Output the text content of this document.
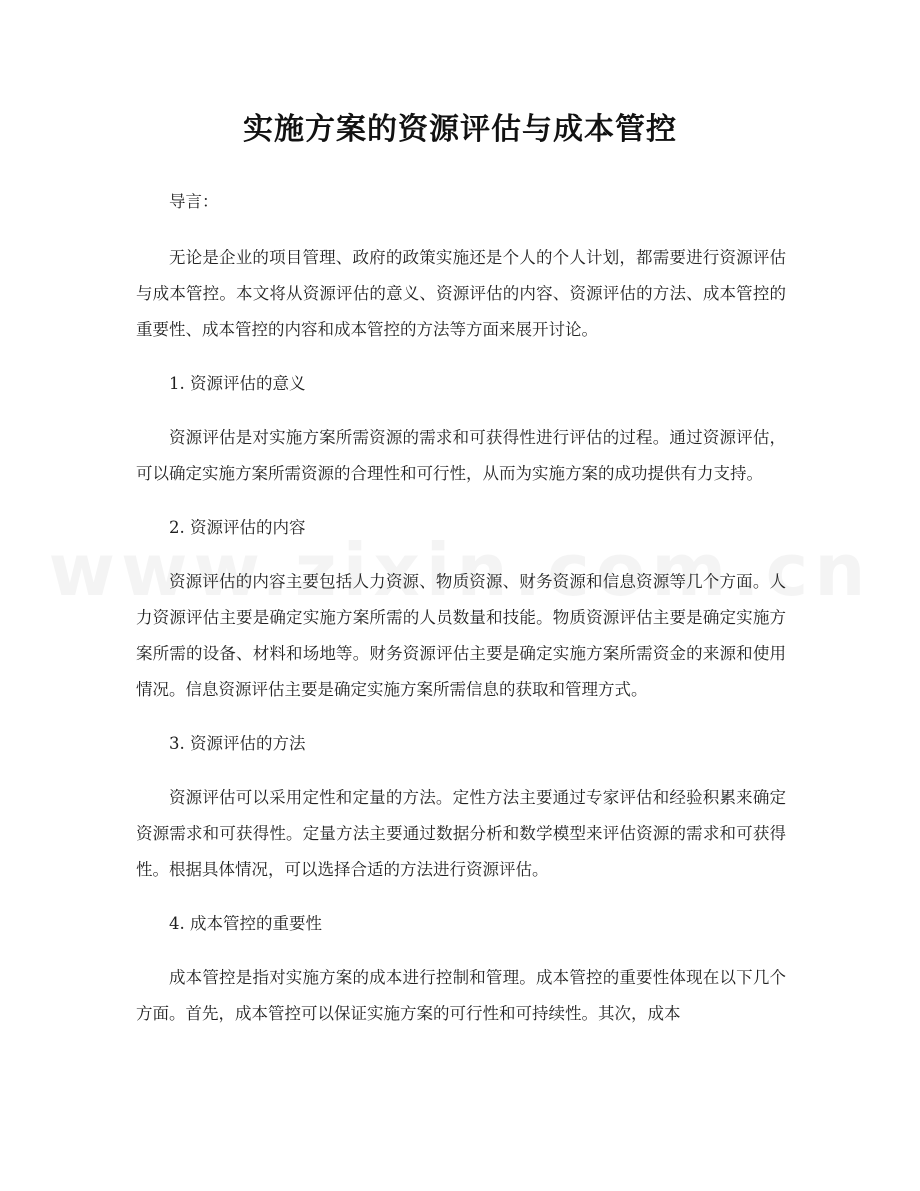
实施方案的资源评估与成本管控

导言：

无论是企业的项目管理、政府的政策实施还是个人的个人计划，都需要进行资源评估与成本管控。本文将从资源评估的意义、资源评估的内容、资源评估的方法、成本管控的重要性、成本管控的内容和成本管控的方法等方面来展开讨论。

1. 资源评估的意义

资源评估是对实施方案所需资源的需求和可获得性进行评估的过程。通过资源评估，可以确定实施方案所需资源的合理性和可行性，从而为实施方案的成功提供有力支持。

2. 资源评估的内容

资源评估的内容主要包括人力资源、物质资源、财务资源和信息资源等几个方面。人力资源评估主要是确定实施方案所需的人员数量和技能。物质资源评估主要是确定实施方案所需的设备、材料和场地等。财务资源评估主要是确定实施方案所需资金的来源和使用情况。信息资源评估主要是确定实施方案所需信息的获取和管理方式。

3. 资源评估的方法

资源评估可以采用定性和定量的方法。定性方法主要通过专家评估和经验积累来确定资源需求和可获得性。定量方法主要通过数据分析和数学模型来评估资源的需求和可获得性。根据具体情况，可以选择合适的方法进行资源评估。

4. 成本管控的重要性

成本管控是指对实施方案的成本进行控制和管理。成本管控的重要性体现在以下几个方面。首先，成本管控可以保证实施方案的可行性和可持续性。其次，成本
